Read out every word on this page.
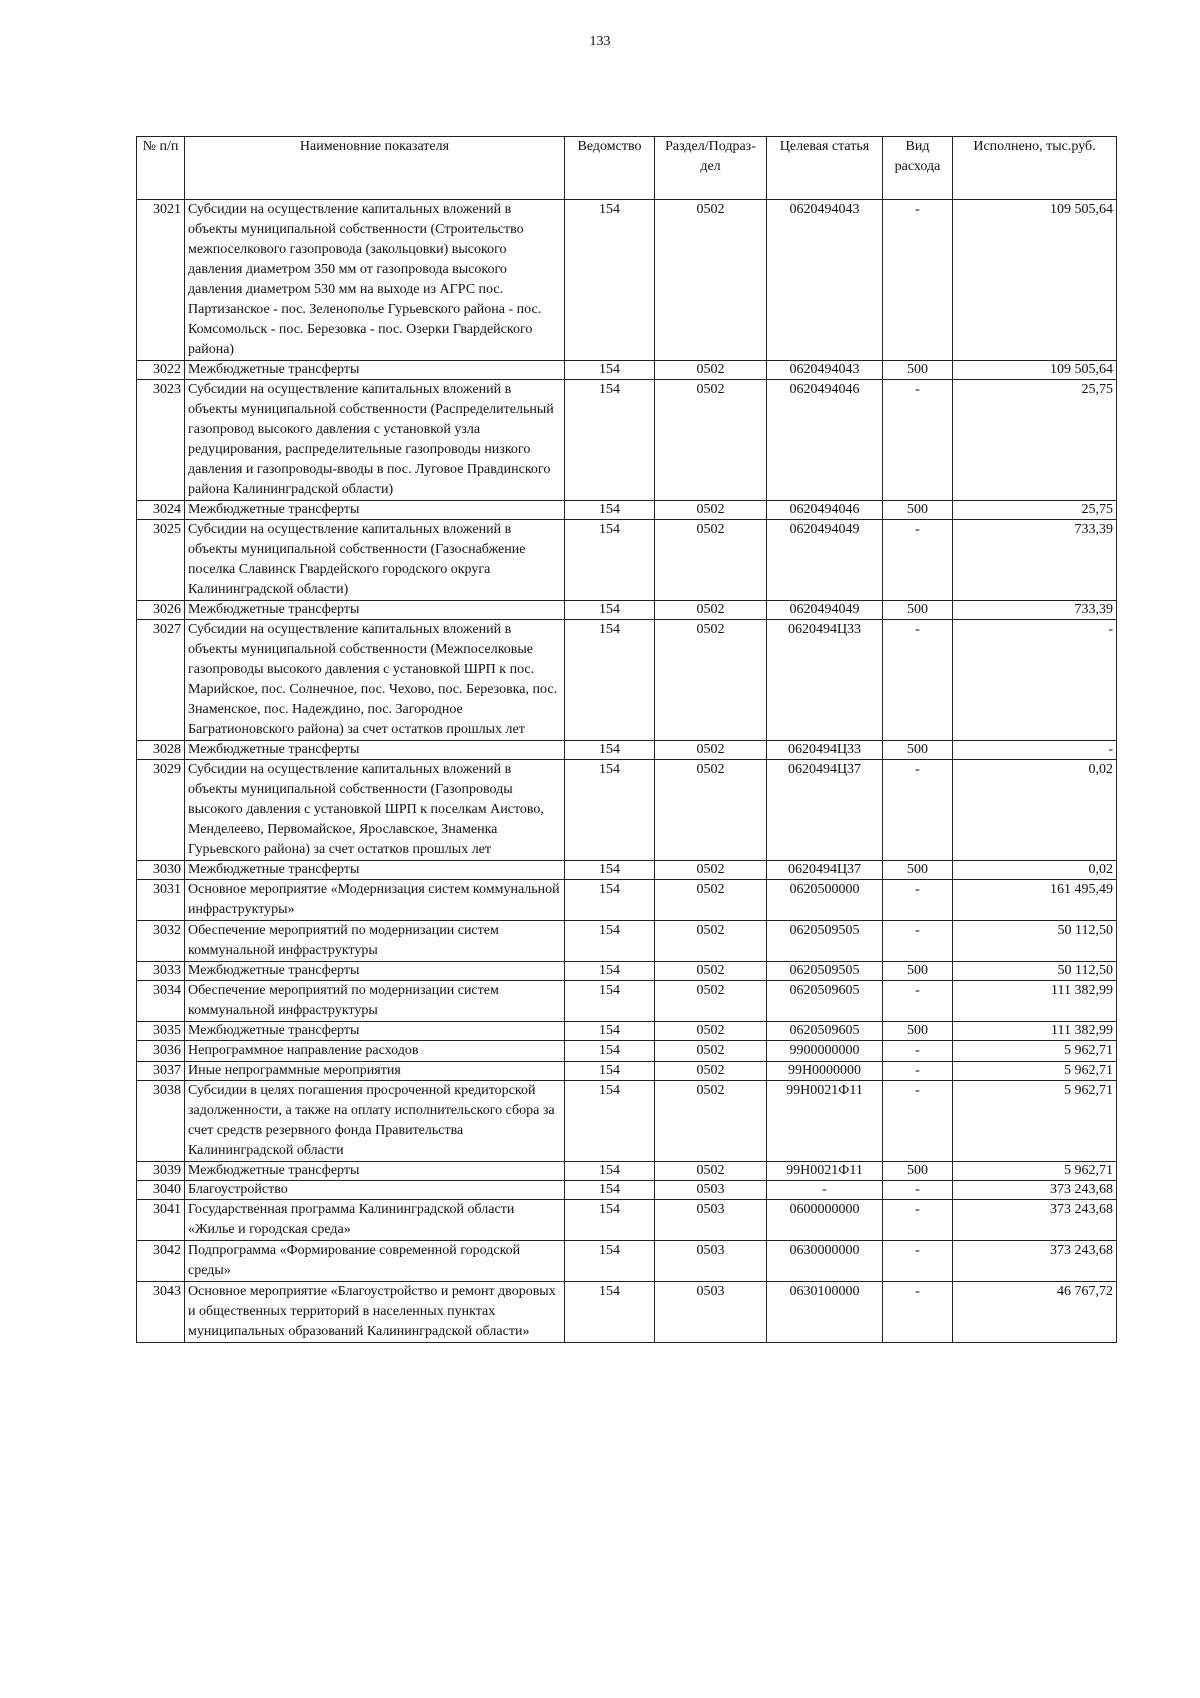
133
№ п/п	Наименовние показателя	Ведомство	Раздел/Подраз-дел	Целевая статья	Вид расхода	Исполнено, тыс.руб.
3021	Субсидии на осуществление капитальных вложений в объекты муниципальной собственности (Строительство межпоселкового газопровода (закольцовки) высокого давления диаметром 350 мм от газопровода высокого давления диаметром 530 мм на выходе из АГРС пос. Партизанское - пос. Зеленополье Гурьевского района - пос. Комсомольск - пос. Березовка - пос. Озерки Гвардейского района)	154	0502	0620494043	-	109 505,64
3022	Межбюджетные трансферты	154	0502	0620494043	500	109 505,64
3023	Субсидии на осуществление капитальных вложений в объекты муниципальной собственности (Распределительный газопровод высокого давления с установкой узла редуцирования, распределительные газопроводы низкого давления и газопроводы-вводы в пос. Луговое Правдинского района Калининградской области)	154	0502	0620494046	-	25,75
3024	Межбюджетные трансферты	154	0502	0620494046	500	25,75
3025	Субсидии на осуществление капитальных вложений в объекты муниципальной собственности (Газоснабжение поселка Славинск Гвардейского городского округа Калининградской области)	154	0502	0620494049	-	733,39
3026	Межбюджетные трансферты	154	0502	0620494049	500	733,39
3027	Субсидии на осуществление капитальных вложений в объекты муниципальной собственности (Межпоселковые газопроводы высокого давления с установкой ШРП к пос. Марийское, пос. Солнечное, пос. Чехово, пос. Березовка, пос. Знаменское, пос. Надеждино, пос. Загородное Багратионовского района) за счет остатков прошлых лет	154	0502	0620494Ц33	-	-
3028	Межбюджетные трансферты	154	0502	0620494Ц33	500	-
3029	Субсидии на осуществление капитальных вложений в объекты муниципальной собственности (Газопроводы высокого давления с установкой ШРП к поселкам Аистово, Менделеево, Первомайское, Ярославское, Знаменка Гурьевского района) за счет остатков прошлых лет	154	0502	0620494Ц37	-	0,02
3030	Межбюджетные трансферты	154	0502	0620494Ц37	500	0,02
3031	Основное мероприятие «Модернизация систем коммунальной инфраструктуры»	154	0502	0620500000	-	161 495,49
3032	Обеспечение мероприятий по модернизации систем коммунальной инфраструктуры	154	0502	0620509505	-	50 112,50
3033	Межбюджетные трансферты	154	0502	0620509505	500	50 112,50
3034	Обеспечение мероприятий по модернизации систем коммунальной инфраструктуры	154	0502	0620509605	-	111 382,99
3035	Межбюджетные трансферты	154	0502	0620509605	500	111 382,99
3036	Непрограммное направление расходов	154	0502	9900000000	-	5 962,71
3037	Иные непрограммные мероприятия	154	0502	99Н0000000	-	5 962,71
3038	Субсидии в целях погашения просроченной кредиторской задолженности, а также на оплату исполнительского сбора за счет средств резервного фонда Правительства Калининградской области	154	0502	99Н0021Ф11	-	5 962,71
3039	Межбюджетные трансферты	154	0502	99Н0021Ф11	500	5 962,71
3040	Благоустройство	154	0503	-	-	373 243,68
3041	Государственная программа Калининградской области «Жилье и городская среда»	154	0503	0600000000	-	373 243,68
3042	Подпрограмма «Формирование современной городской среды»	154	0503	0630000000	-	373 243,68
3043	Основное мероприятие «Благоустройство и ремонт дворовых и общественных территорий в населенных пунктах муниципальных образований Калининградской области»	154	0503	0630100000	-	46 767,72
